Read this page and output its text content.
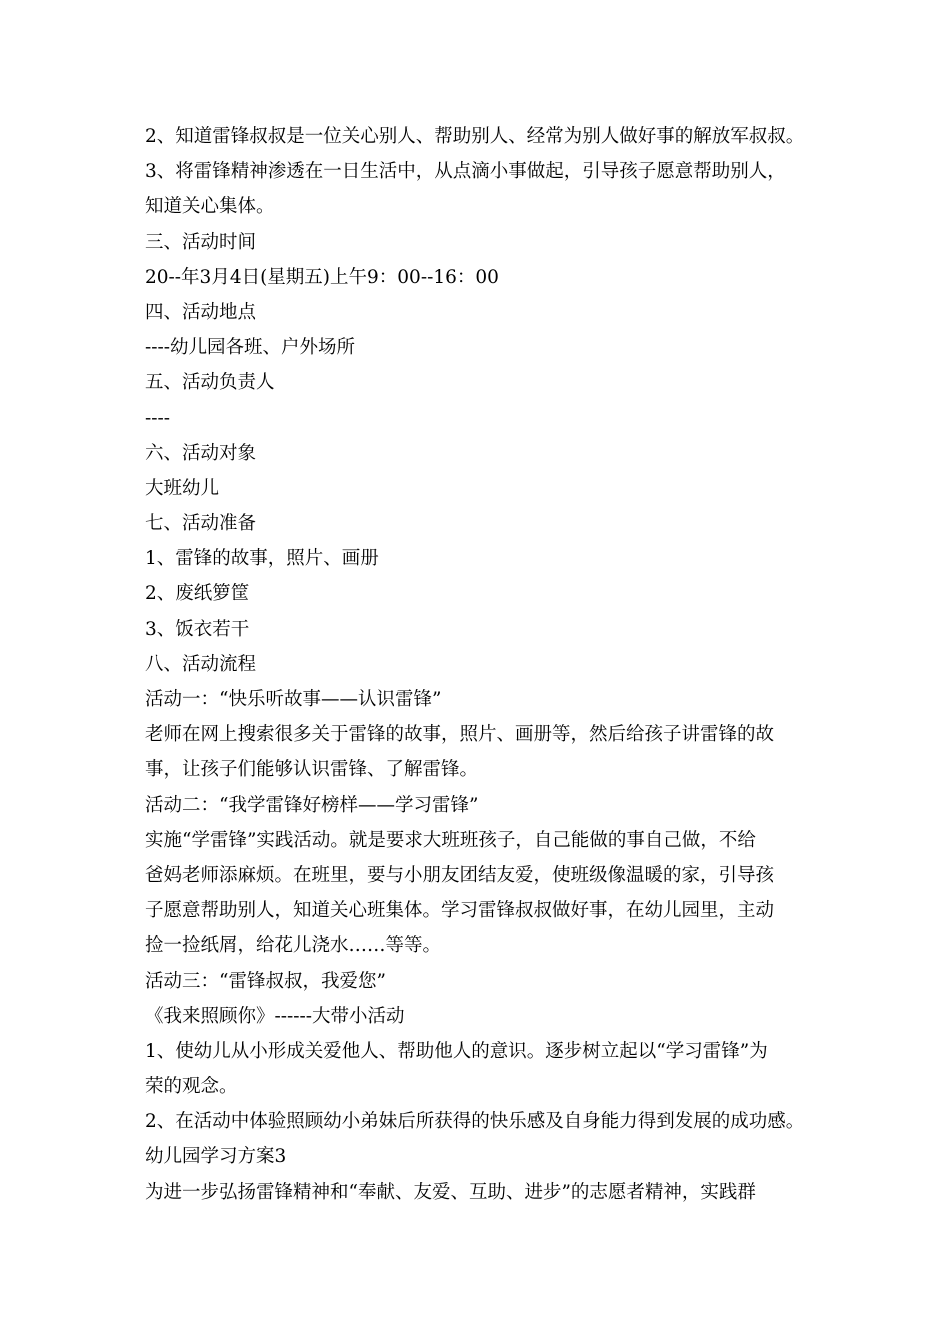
2、知道雷锋叔叔是一位关心别人、帮助别人、经常为别人做好事的解放军叔叔。
3、将雷锋精神渗透在一日生活中，从点滴小事做起，引导孩子愿意帮助别人，
知道关心集体。
三、活动时间
20--年3月4日(星期五)上午9：00--16：00
四、活动地点
----幼儿园各班、户外场所
五、活动负责人
----
六、活动对象
大班幼儿
七、活动准备
1、雷锋的故事，照片、画册
2、废纸箩筐
3、饭衣若干
八、活动流程
活动一：“快乐听故事——认识雷锋”
老师在网上搜索很多关于雷锋的故事，照片、画册等，然后给孩子讲雷锋的故
事，让孩子们能够认识雷锋、了解雷锋。
活动二：“我学雷锋好榜样——学习雷锋”
实施“学雷锋”实践活动。就是要求大班班孩子，自己能做的事自己做，不给
爸妈老师添麻烦。在班里，要与小朋友团结友爱，使班级像温暖的家，引导孩
子愿意帮助别人，知道关心班集体。学习雷锋叔叔做好事，在幼儿园里，主动
捡一捡纸屑，给花儿浇水……等等。
活动三：“雷锋叔叔，我爱您”
《我来照顾你》------大带小活动
1、使幼儿从小形成关爱他人、帮助他人的意识。逐步树立起以“学习雷锋”为
荣的观念。
2、在活动中体验照顾幼小弟妹后所获得的快乐感及自身能力得到发展的成功感。
幼儿园学习方案3
为进一步弘扬雷锋精神和“奉献、友爱、互助、进步”的志愿者精神，实践群
